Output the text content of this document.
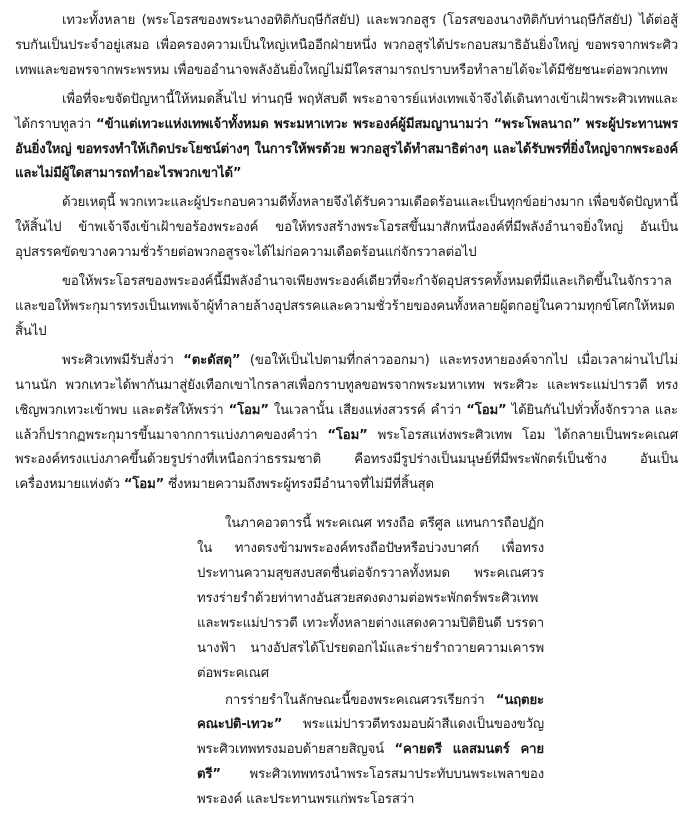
เทวะทั้งหลาย (พระโอรสของพระนางอทิติกับฤษีกัสยัป) และพวกอสูร (โอรสของนางทิติกับท่านฤษีกัสยัป) ได้ต่อสู้รบกันเป็นประจำอยู่เสมอ เพื่อครองความเป็นใหญ่เหนืออีกฝ่ายหนึ่ง พวกอสูรได้ประกอบสมาธิอันยิ่งใหญ่ ขอพรจากพระศิวเทพและขอพรจากพระพรหม เพื่อขออำนาจพลังอันยิ่งใหญ่ไม่มีใครสามารถปราบหรือทำลายได้จะได้มีชัยชนะต่อพวกเทพ

เพื่อที่จะขจัดปัญหานี้ให้หมดสิ้นไป ท่านฤษี พฤหัสบดี พระอาจารย์แห่งเทพเจ้าจึงได้เดินทางเข้าเฝ้าพระศิวเทพและได้กราบทูลว่า “ข้าแต่เทวะแห่งเทพเจ้าทั้งหมด พระมหาเทวะ พระองค์ผู้มีสมญานามว่า “พระโพลนาถ” พระผู้ประทานพรอันยิ่งใหญ่ ขอทรงทำให้เกิดประโยชน์ต่างๆ ในการให้พรด้วย พวกอสูรได้ทำสมาธิต่างๆ และได้รับพรที่ยิ่งใหญ่จากพระองค์และไม่มีผู้ใดสามารถทำอะไรพวกเขาได้”

ด้วยเหตุนี้ พวกเทวะและผู้ประกอบความดีทั้งหลายจึงได้รับความเดือดร้อนและเป็นทุกข์อย่างมาก เพื่อขจัดปัญหานี้ให้สิ้นไป ข้าพเจ้าจึงเข้าเฝ้าขอร้องพระองค์ ขอให้ทรงสร้างพระโอรสขึ้นมาสักหนึ่งองค์ที่มีพลังอำนาจยิ่งใหญ่ อันเป็นอุปสรรคขัดขวางความชั่วร้ายต่อพวกอสูรจะได้ไม่ก่อความเดือดร้อนแก่จักรวาลต่อไป

ขอให้พระโอรสของพระองค์นี้มีพลังอำนาจเพียงพระองค์เดียวที่จะกำจัดอุปสรรคทั้งหมดที่มีและเกิดขึ้นในจักรวาลและขอให้พระกุมารทรงเป็นเทพเจ้าผู้ทำลายล้างอุปสรรคและความชั่วร้ายของคนทั้งหลายผู้ตกอยู่ในความทุกข์โศกให้หมดสิ้นไป

พระศิวเทพมีรับสั่งว่า “ตะดัสตุ” (ขอให้เป็นไปตามที่กล่าวออกมา) และทรงหายองค์จากไป เมื่อเวลาผ่านไปไม่นานนัก พวกเทวะได้พากันมาสู่ยังเทือกเขาไกรลาสเพื่อกราบทูลขอพรจากพระมหาเทพ พระศิวะ และพระแม่ปารวตี ทรงเชิญพวกเทวะเข้าพบ และตรัสให้พรว่า “โอม” ในเวลานั้น เสียงแห่งสวรรค์ คำว่า “โอม” ได้ยินกันไปทั่วทั้งจักรวาล และแล้วก็ปรากฏพระกุมารขึ้นมาจากการแบ่งภาคของคำว่า “โอม” พระโอรสแห่งพระศิวเทพ โอม ได้กลายเป็นพระคเณศ พระองค์ทรงแบ่งภาคขึ้นด้วยรูปร่างที่เหนือกว่าธรรมชาติ คือทรงมีรูปร่างเป็นมนุษย์ที่มีพระพักตร์เป็นช้าง อันเป็นเครื่องหมายแห่งตัว “โอม” ซึ่งหมายความถึงพระผู้ทรงมีอำนาจที่ไม่มีที่สิ้นสุด

ในภาคอวตารนี้ พระคเณศ ทรงถือ ตรีศูล แทนการถือปฏัก ใน ทางตรงข้ามพระองค์ทรงถือปัษหรือบ่วงบาศก์ เพื่อทรงประทานความสุขสงบสดชื่นต่อจักรวาลทั้งหมด พระคเณศวรทรงร่ายรำด้วยท่าทางอันสวยสดงดงามต่อพระพักตร์พระศิวเทพและพระแม่ปารวตี เทวะทั้งหลายต่างแสดงความปิติยินดี บรรดานางฟ้า นางอัปสรได้โปรยดอกไม้และร่ายรำถวายความเคารพต่อพระคเณศ

การร่ายรำในลักษณะนี้ของพระคเณศวรเรียกว่า “นฤตยะคณะปติ-เทวะ” พระแม่ปารวตีทรงมอบผ้าสีแดงเป็นของขวัญ พระศิวเทพทรงมอบด้ายสายสิญจน์ “คายตรี แลสมนตร์ คายตรี” พระศิวเทพทรงนำพระโอรสมาประทับบนพระเพลาของพระองค์ และประทานพรแก่พระโอรสว่า
